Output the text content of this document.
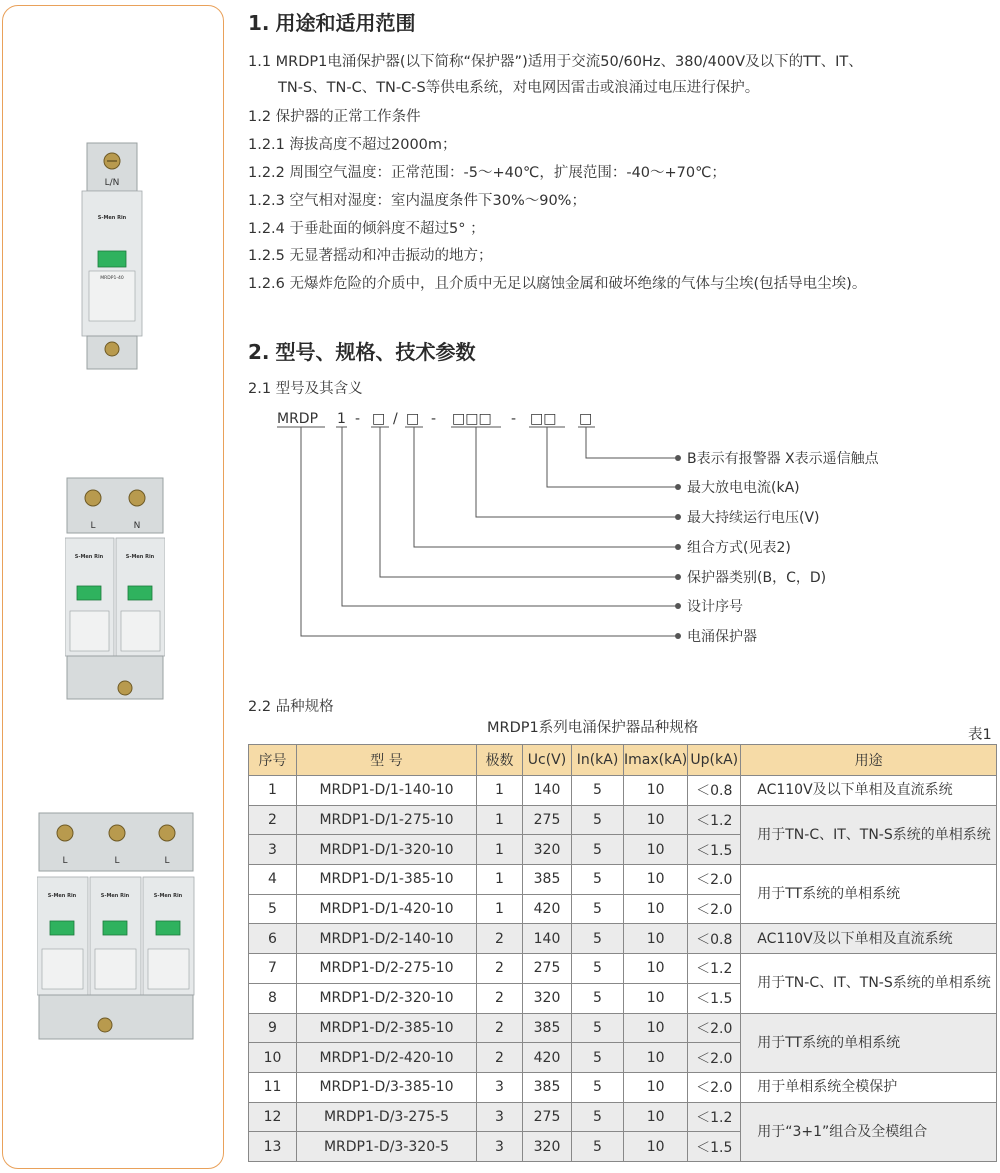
L/N
S-Men Rin
MRDP1-40
L	N
S-Men Rin	S-Men Rin
L	L	L
S-Men Rin	S-Men Rin	S-Men Rin
1. 用途和适用范围
1.1 MRDP1电涌保护器(以下简称“保护器”)适用于交流50/60Hz、380/400V及以下的TT、IT、
TN-S、TN-C、TN-C-S等供电系统，对电网因雷击或浪涌过电压进行保护。
1.2 保护器的正常工作条件
1.2.1 海拔高度不超过2000m；
1.2.2 周围空气温度：正常范围：-5～+40℃，扩展范围：-40～+70℃；
1.2.3 空气相对湿度：室内温度条件下30%～90%；
1.2.4 于垂赴面的倾斜度不超过5° ；
1.2.5 无显著摇动和冲击振动的地方；
1.2.6 无爆炸危险的介质中，且介质中无足以腐蚀金属和破坏绝缘的气体与尘埃(包括导电尘埃)。
2. 型号、规格、技术参数
2.1 型号及其含义
MRDP 1 - □ / □ - □□□ - □□ □
B表示有报警器 X表示遥信触点
最大放电电流(kA)
最大持续运行电压(V)
组合方式(见表2)
保护器类别(B，C，D)
设计序号
电涌保护器
2.2 品种规格
MRDP1系列电涌保护器品种规格	表1
序号	型 号	极数	Uc(V)	In(kA)	Imax(kA)	Up(kA)	用途
1	MRDP1-D/1-140-10	1	140	5	10	＜0.8	AC110V及以下单相及直流系统
2	MRDP1-D/1-275-10	1	275	5	10	＜1.2	用于TN-C、IT、TN-S系统的单相系统
3	MRDP1-D/1-320-10	1	320	5	10	＜1.5	
4	MRDP1-D/1-385-10	1	385	5	10	＜2.0	用于TT系统的单相系统
5	MRDP1-D/1-420-10	1	420	5	10	＜2.0	
6	MRDP1-D/2-140-10	2	140	5	10	＜0.8	AC110V及以下单相及直流系统
7	MRDP1-D/2-275-10	2	275	5	10	＜1.2	用于TN-C、IT、TN-S系统的单相系统
8	MRDP1-D/2-320-10	2	320	5	10	＜1.5	
9	MRDP1-D/2-385-10	2	385	5	10	＜2.0	用于TT系统的单相系统
10	MRDP1-D/2-420-10	2	420	5	10	＜2.0	
11	MRDP1-D/3-385-10	3	385	5	10	＜2.0	用于单相系统全模保护
12	MRDP1-D/3-275-5	3	275	5	10	＜1.2	用于“3+1”组合及全模组合
13	MRDP1-D/3-320-5	3	320	5	10	＜1.5	
